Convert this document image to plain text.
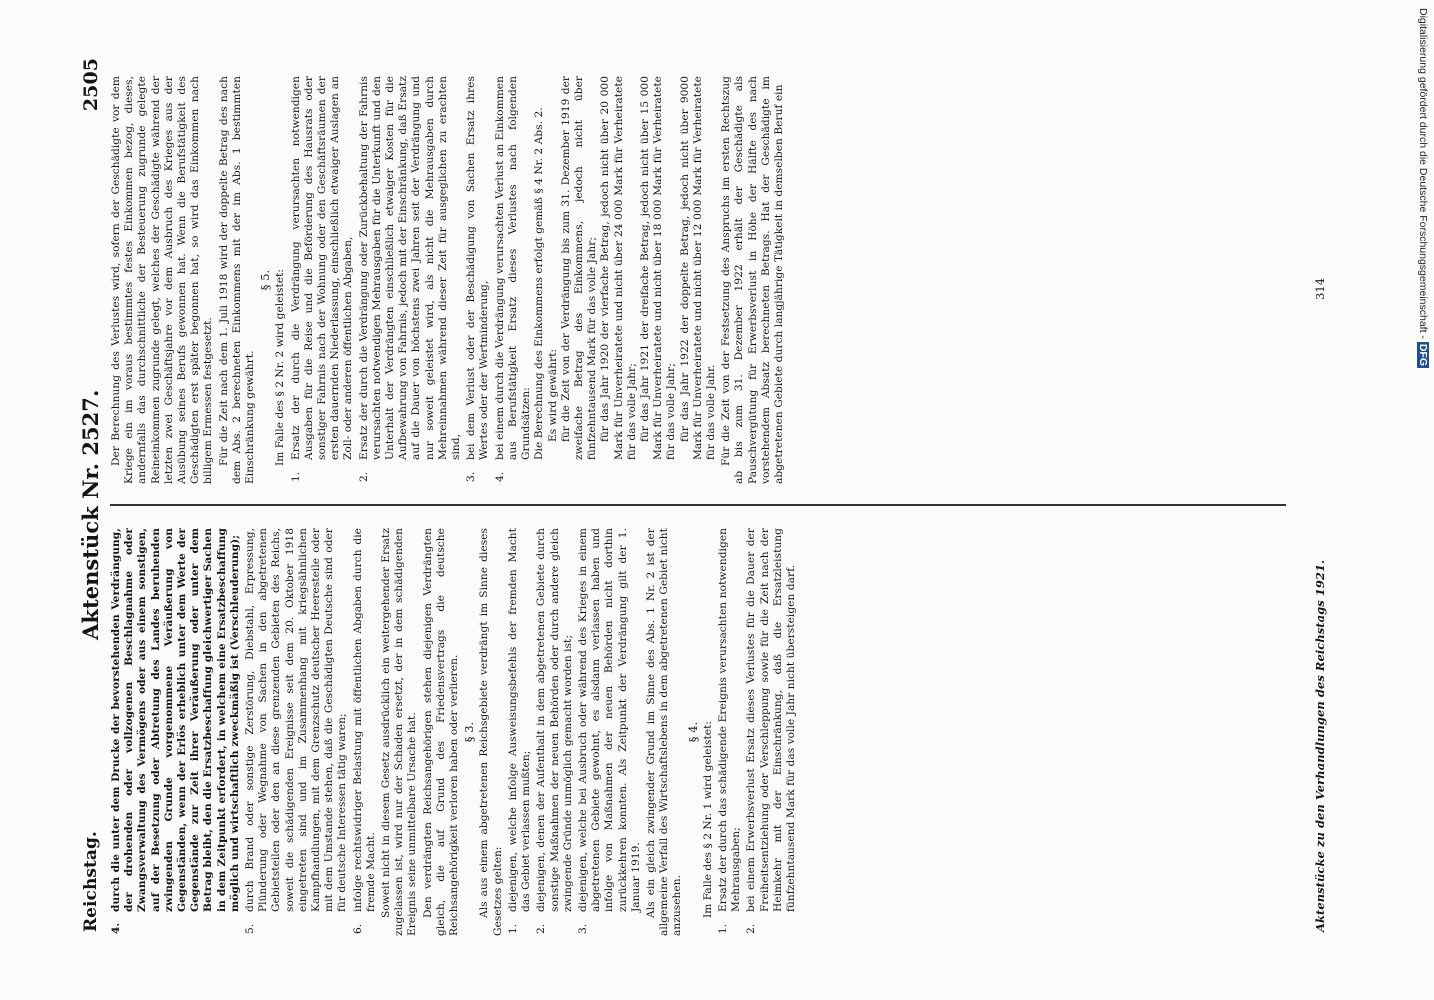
Reichstag.
Aktenstück Nr. 2527.
2505
4.
durch die unter dem Drucke der bevorstehenden Verdrängung, der drohenden oder vollzogenen Beschlagnahme oder Zwangsverwaltung des Vermögens oder aus einem sonstigen, auf der Besetzung oder Abtretung des Landes beruhenden zwingenden Grunde vorgenommene Veräußerung von Gegenständen, wenn der Erlös erheblich unter dem Werte der Gegenstände zur Zeit ihrer Veräußerung oder unter dem Betrag bleibt, den die Ersatzbeschaffung gleichwertiger Sachen in dem Zeitpunkt erfordert, in welchem eine Ersatzbeschaffung möglich und wirtschaftlich zweckmäßig ist (Verschleuderung);
5.
durch Brand oder sonstige Zerstörung, Diebstahl, Erpressung, Plünderung oder Wegnahme von Sachen in den abgetretenen Gebietsteilen oder den an diese grenzenden Gebieten des Reichs, soweit die schädigenden Ereignisse seit dem 20. Oktober 1918 eingetreten sind und im Zusammenhang mit kriegsähnlichen Kampfhandlungen, mit dem Grenzschutz deutscher Heeresteile oder mit dem Umstande stehen, daß die Geschädigten Deutsche sind oder für deutsche Interessen tätig waren;
6.
infolge rechtswidriger Belastung mit öffentlichen Abgaben durch die fremde Macht. Soweit nicht in diesem Gesetz ausdrücklich ein weitergehender Ersatz zugelassen ist, wird nur der Schaden ersetzt, der in dem schädigenden Ereignis seine unmittelbare Ursache hat. Den verdrängten Reichsangehörigen stehen diejenigen Verdrängten gleich, die auf Grund des Friedensvertrags die deutsche Reichsangehörigkeit verloren haben oder verlieren. § 3. Als aus einem abgetretenen Reichsgebiete verdrängt im Sinne dieses Gesetzes gelten: 1.
diejenigen, welche infolge Ausweisungsbefehls der fremden Macht das Gebiet verlassen mußten;
2.
diejenigen, denen der Aufenthalt in dem abgetretenen Gebiete durch sonstige Maßnahmen der neuen Behörden oder durch andere gleich zwingende Gründe unmöglich gemacht worden ist;
3.
diejenigen, welche bei Ausbruch oder während des Krieges in einem abgetretenen Gebiete gewohnt, es alsdann verlassen haben und infolge von Maßnahmen der neuen Behörden nicht dorthin zurückkehren konnten. Als Zeitpunkt der Verdrängung gilt der 1. Januar 1919. Als ein gleich zwingender Grund im Sinne des Abs. 1 Nr. 2 ist der allgemeine Verfall des Wirtschaftslebens in dem abgetretenen Gebiet nicht anzusehen.

§ 4. Im Falle des § 2 Nr. 1 wird geleistet:

1.
Ersatz der durch das schädigende Ereignis verursachten notwendigen Mehrausgaben;
2.
bei einem Erwerbsverlust Ersatz dieses Verlustes für die Dauer der Freiheitsentziehung oder Verschleppung sowie für die Zeit nach der Heimkehr mit der Einschränkung, daß die Ersatzleistung fünfzehntausend Mark für das volle Jahr nicht übersteigen darf.

Der Berechnung des Verlustes wird, sofern der Geschädigte vor dem Kriege ein im voraus bestimmtes festes Einkommen bezog, dieses, andernfalls das durchschnittliche der Besteuerung zugrunde gelegte Reineinkommen zugrunde gelegt, welches der Geschädigte während der letzten zwei Geschäftsjahre vor dem Ausbruch des Krieges aus der Ausübung seines Berufs gewonnen hat. Wenn die Berufstätigkeit des Geschädigten erst später begonnen hat, so wird das Einkommen nach billigem Ermessen festgesetzt. Für die Zeit nach dem 1. Juli 1918 wird der doppelte Betrag des nach dem Abs. 2 berechneten Einkommens mit der im Abs. 1 bestimmten Einschränkung gewährt.

§ 5. Im Falle des § 2 Nr. 2 wird geleistet:

1.
Ersatz der durch die Verdrängung verursachten notwendigen Ausgaben für die Reise und die Beförderung des Hausrats oder sonstiger Fahrnis nach der Wohnung oder den Geschäftsräumen der ersten dauernden Niederlassung, einschließlich etwaiger Auslagen an Zoll- oder anderen öffentlichen Abgaben,
2.
Ersatz der durch die Verdrängung oder Zurückbehaltung der Fahrnis verursachten notwendigen Mehrausgaben für die Unterkunft und den Unterhalt der Verdrängten einschließlich etwaiger Kosten für die Aufbewahrung von Fahrnis, jedoch mit der Einschränkung, daß Ersatz auf die Dauer von höchstens zwei Jahren seit der Verdrängung und nur soweit geleistet wird, als nicht die Mehrausgaben durch Mehreinnahmen während dieser Zeit für ausgeglichen zu erachten sind,
3.
bei dem Verlust oder der Beschädigung von Sachen Ersatz ihres Wertes oder der Wertminderung,
4.
bei einem durch die Verdrängung verursachten Verlust an Einkommen aus Berufstätigkeit Ersatz dieses Verlustes nach folgenden Grundsätzen: Die Berechnung des Einkommens erfolgt gemäß § 4 Nr. 2 Abs. 2. Es wird gewährt: für die Zeit von der Verdrängung bis zum 31. Dezember 1919 der zweifache Betrag des Einkommens, jedoch nicht über fünfzehntausend Mark für das volle Jahr; für das Jahr 1920 der vierfache Betrag, jedoch nicht über 20 000 Mark für Unverheiratete und nicht über 24 000 Mark für Verheiratete für das volle Jahr; für das Jahr 1921 der dreifache Betrag, jedoch nicht über 15 000 Mark für Unverheiratete und nicht über 18 000 Mark für Verheiratete für das volle Jahr; für das Jahr 1922 der doppelte Betrag, jedoch nicht über 9000 Mark für Unverheiratete und nicht über 12 000 Mark für Verheiratete für das volle Jahr. Für die Zeit von der Festsetzung des Anspruchs im ersten Rechtszug ab bis zum 31. Dezember 1922 erhält der Geschädigte als Pauschvergütung für Erwerbsverlust in Höhe der Hälfte des nach vorstehendem Absatz berechneten Betrags. Hat der Geschädigte im abgetretenen Gebiete durch langjährige Tätigkeit in demselben Beruf ein

Aktenstücke zu den Verhandlungen des Reichstags 1921.
314	Digitalisierung gefördert durch die Deutsche Forschungsgemeinschaft - DFG
